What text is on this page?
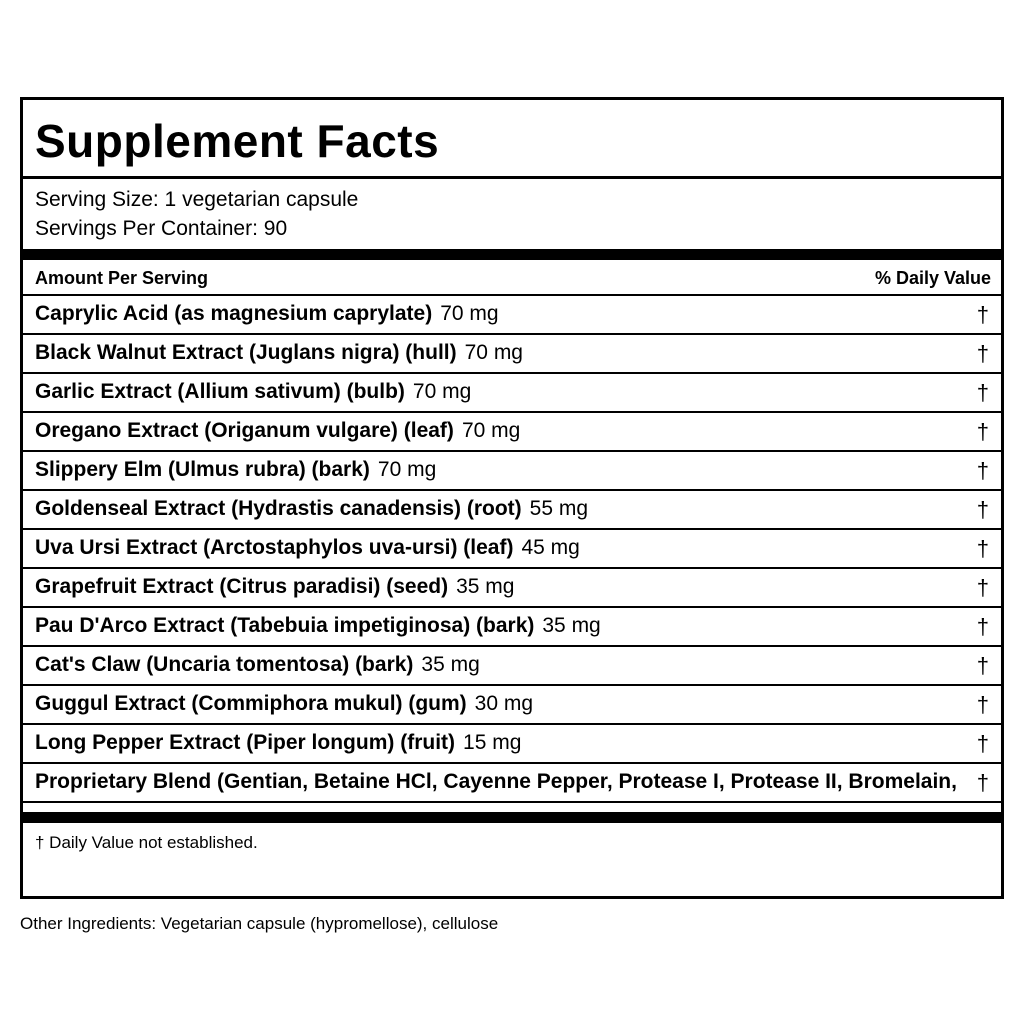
Supplement Facts
Serving Size: 1 vegetarian capsule
Servings Per Container: 90
Amount Per Serving	% Daily Value
Caprylic Acid (as magnesium caprylate) 70 mg	†
Black Walnut Extract (Juglans nigra) (hull) 70 mg	†
Garlic Extract (Allium sativum) (bulb) 70 mg	†
Oregano Extract (Origanum vulgare) (leaf) 70 mg	†
Slippery Elm (Ulmus rubra) (bark) 70 mg	†
Goldenseal Extract (Hydrastis canadensis) (root) 55 mg	†
Uva Ursi Extract (Arctostaphylos uva-ursi) (leaf) 45 mg	†
Grapefruit Extract (Citrus paradisi) (seed) 35 mg	†
Pau D'Arco Extract (Tabebuia impetiginosa) (bark) 35 mg	†
Cat's Claw (Uncaria tomentosa) (bark) 35 mg	†
Guggul Extract (Commiphora mukul) (gum) 30 mg	†
Long Pepper Extract (Piper longum) (fruit) 15 mg	†
Proprietary Blend (Gentian, Betaine HCl, Cayenne Pepper, Protease I, Protease II, Bromelain, †
† Daily Value not established.
Other Ingredients: Vegetarian capsule (hypromellose), cellulose
